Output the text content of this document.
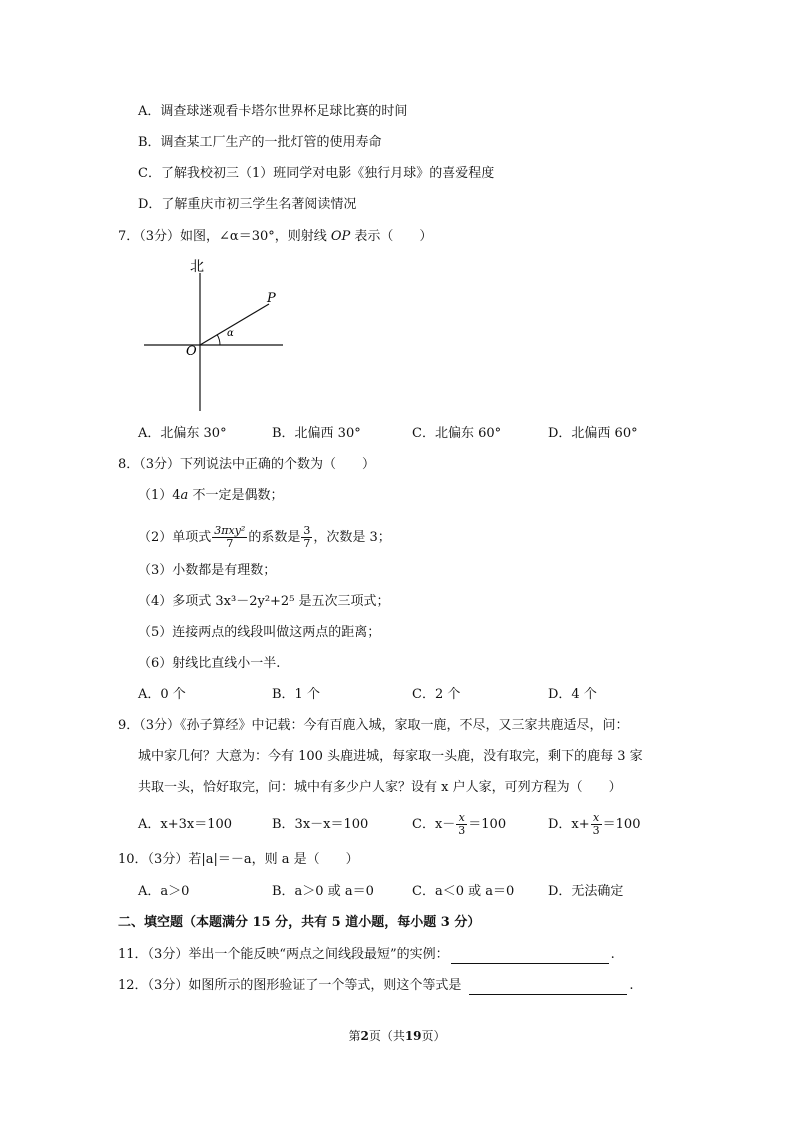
A．调查球迷观看卡塔尔世界杯足球比赛的时间
B．调查某工厂生产的一批灯管的使用寿命
C．了解我校初三（1）班同学对电影《独行月球》的喜爱程度
D．了解重庆市初三学生名著阅读情况
7．（3分）如图，∠α＝30°，则射线 OP 表示（　　）
北
P
O
α
A．北偏东 30°	B．北偏西 30°	C．北偏东 60°	D．北偏西 60°
8．（3分）下列说法中正确的个数为（　　）
（1）4a 不一定是偶数；
（2）单项式 $\frac{\text{3πxy²}}{7}$ 的系数是 $\frac{3}{7}$ ，次数是 3；
（3）小数都是有理数；
（4）多项式 3x³－2y²+2⁵ 是五次三项式；
（5）连接两点的线段叫做这两点的距离；
（6）射线比直线小一半.
A．0 个	B．1 个	C．2 个	D．4 个
9．（3分）《孙子算经》中记载：今有百鹿入城，家取一鹿，不尽，又三家共鹿适尽，问：
城中家几何？大意为：今有 100 头鹿进城，每家取一头鹿，没有取完，剩下的鹿每 3 家
共取一头，恰好取完，问：城中有多少户人家？设有 x 户人家，可列方程为（　　）
A．x+3x＝100	B．3x－x＝100	C．$x- \frac{x}{3} =100$	D．$x+ \frac{x}{3} =100$
10．（3分）若|a|＝－a，则 a 是（　　）
A．a＞0	B．a＞0 或 a＝0	C．a＜0 或 a＝0	D．无法确定
二、填空题（本题满分 15 分，共有 5 道小题，每小题 3 分）
11．（3分）举出一个能反映“两点之间线段最短”的实例：	.
12．（3分）如图所示的图形验证了一个等式，则这个等式是	.
第2页（共19页）
